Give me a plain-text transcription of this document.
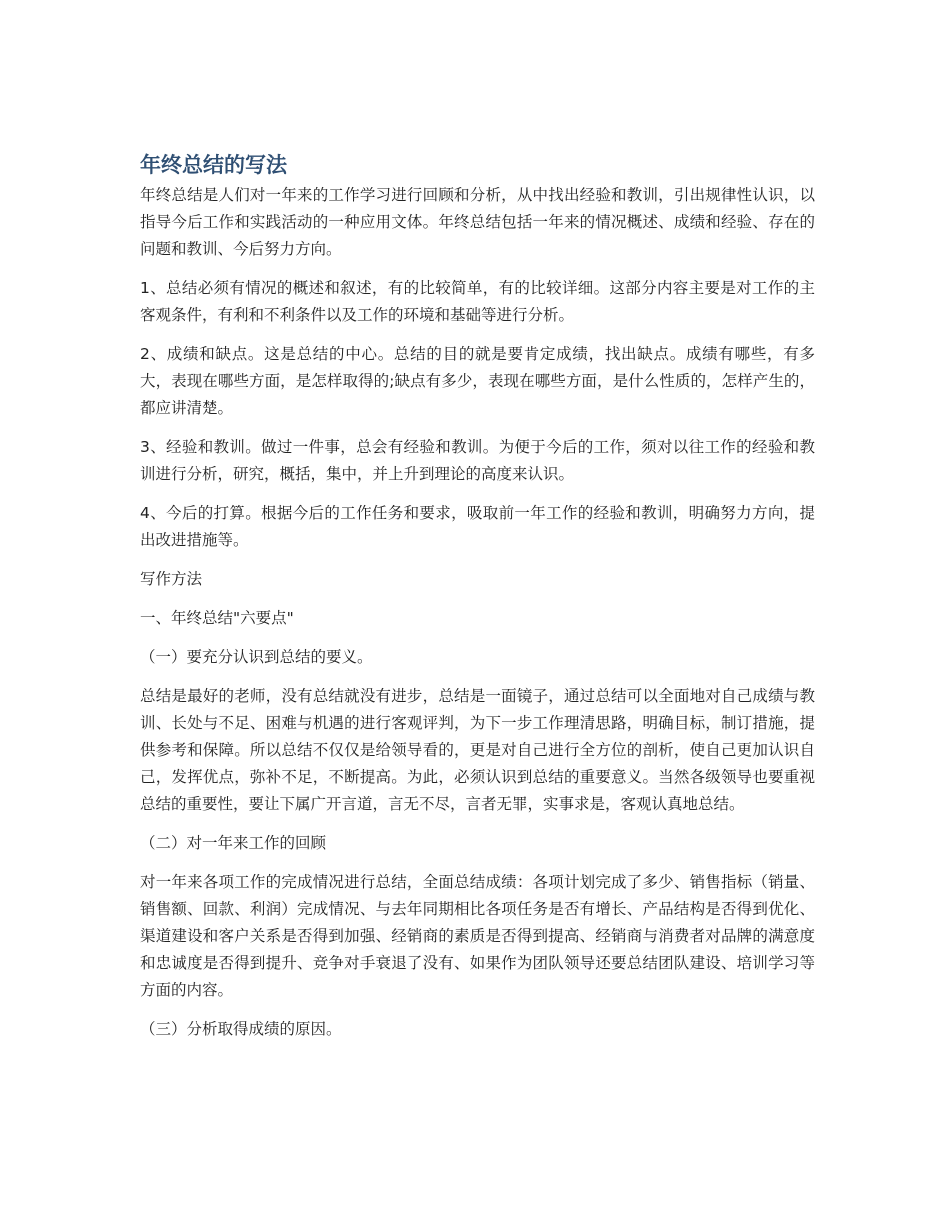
年终总结的写法

年终总结是人们对一年来的工作学习进行回顾和分析，从中找出经验和教训，引出规律性认识，以指导今后工作和实践活动的一种应用文体。年终总结包括一年来的情况概述、成绩和经验、存在的问题和教训、今后努力方向。

1、总结必须有情况的概述和叙述，有的比较简单，有的比较详细。这部分内容主要是对工作的主客观条件，有利和不利条件以及工作的环境和基础等进行分析。

2、成绩和缺点。这是总结的中心。总结的目的就是要肯定成绩，找出缺点。成绩有哪些，有多大，表现在哪些方面，是怎样取得的;缺点有多少，表现在哪些方面，是什么性质的，怎样产生的，都应讲清楚。

3、经验和教训。做过一件事，总会有经验和教训。为便于今后的工作，须对以往工作的经验和教训进行分析，研究，概括，集中，并上升到理论的高度来认识。

4、今后的打算。根据今后的工作任务和要求，吸取前一年工作的经验和教训，明确努力方向，提出改进措施等。

写作方法

一、年终总结"六要点"

（一）要充分认识到总结的要义。

总结是最好的老师，没有总结就没有进步，总结是一面镜子，通过总结可以全面地对自己成绩与教训、长处与不足、困难与机遇的进行客观评判，为下一步工作理清思路，明确目标，制订措施，提供参考和保障。所以总结不仅仅是给领导看的，更是对自己进行全方位的剖析，使自己更加认识自己，发挥优点，弥补不足，不断提高。为此，必须认识到总结的重要意义。当然各级领导也要重视总结的重要性，要让下属广开言道，言无不尽，言者无罪，实事求是，客观认真地总结。

（二）对一年来工作的回顾

对一年来各项工作的完成情况进行总结，全面总结成绩：各项计划完成了多少、销售指标（销量、销售额、回款、利润）完成情况、与去年同期相比各项任务是否有增长、产品结构是否得到优化、渠道建设和客户关系是否得到加强、经销商的素质是否得到提高、经销商与消费者对品牌的满意度和忠诚度是否得到提升、竞争对手衰退了没有、如果作为团队领导还要总结团队建设、培训学习等方面的内容。

（三）分析取得成绩的原因。
